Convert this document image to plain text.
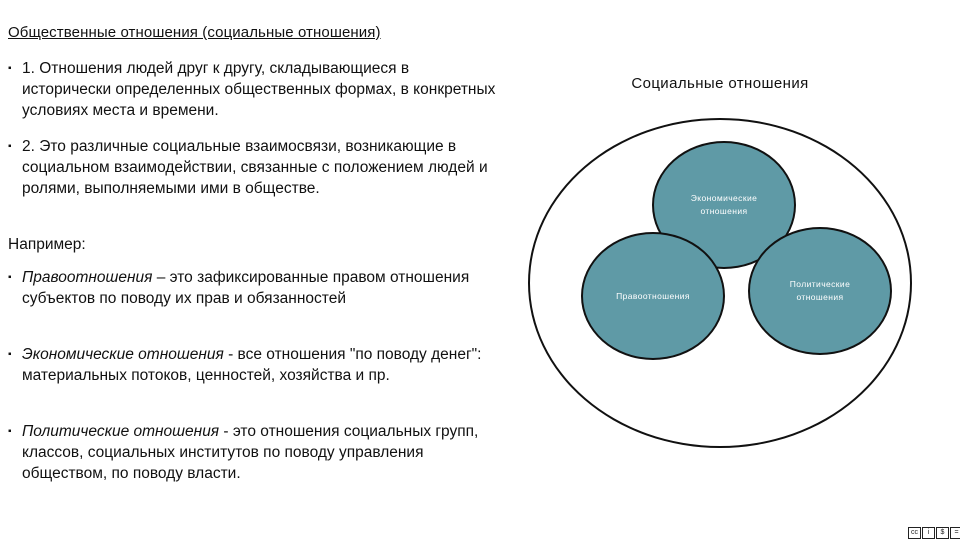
Общественные отношения (социальные отношения)
▪ 1. Отношения людей друг к другу, складывающиеся в исторически определенных общественных формах, в конкретных условиях места и времени.
▪ 2. Это различные социальные взаимосвязи, возникающие в социальном взаимодействии, связанные с положением людей и ролями, выполняемыми ими в обществе.
Например:
▪ Правоотношения – это зафиксированные правом отношения субъектов по поводу их прав и обязанностей
▪ Экономические отношения - все отношения "по поводу денег": материальных потоков, ценностей, хозяйства и пр.
▪ Политические отношения - это отношения социальных групп, классов, социальных институтов по поводу управления обществом, по поводу власти.
Социальные отношения
Экономические отношения
Правоотношения
Политические отношения
cc	i	$	=
